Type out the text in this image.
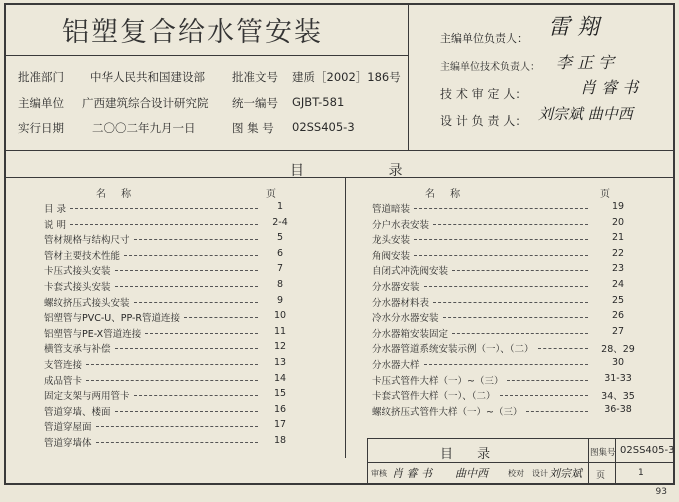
铝塑复合给水管安装
批准部门 中华人民共和国建设部 批准文号 建质［2002］186号
主编单位 广西建筑综合设计研究院 统一编号 GJBT-581
实行日期 二〇〇二年九月一日	图 集 号 02SS405-3
主编单位负责人： 雷 翔
主编单位技术负责人： 李 正 宇
技 术 审 定 人：	肖 睿 书
设 计 负 责 人： 刘宗斌 曲中西
目 录
名 称	页	名 称	页
目 录	1
说 明	2-4
管材规格与结构尺寸	5
管材主要技术性能	6
卡压式接头安装	7
卡套式接头安装	8
螺纹挤压式接头安装	9
铝塑管与PVC-U、PP-R管道连接	10
铝塑管与PE-X管道连接	11
横管支承与补偿	12
支管连接	13
成品管卡	14
固定支架与两用管卡	15
管道穿墙、楼面	16
管道穿屋面	17
管道穿墙体	18
管道暗装	19
分户水表安装	20
龙头安装	21
角阀安装	22
自闭式冲洗阀安装	23
分水器安装	24
分水器材料表	25
冷水分水器安装	26
分水器箱安装固定	27
分水器管道系统安装示例（一）、（二）	28、29
分水器大样	30
卡压式管件大样（一）~（三）	31-33
卡套式管件大样（一）、（二）	34、35
螺纹挤压式管件大样（一）~（三）	36-38
目 录	图集号 02SS405-3
审核 肖 睿 书 曲中西	校对 设计 刘宗斌 页	1
93
